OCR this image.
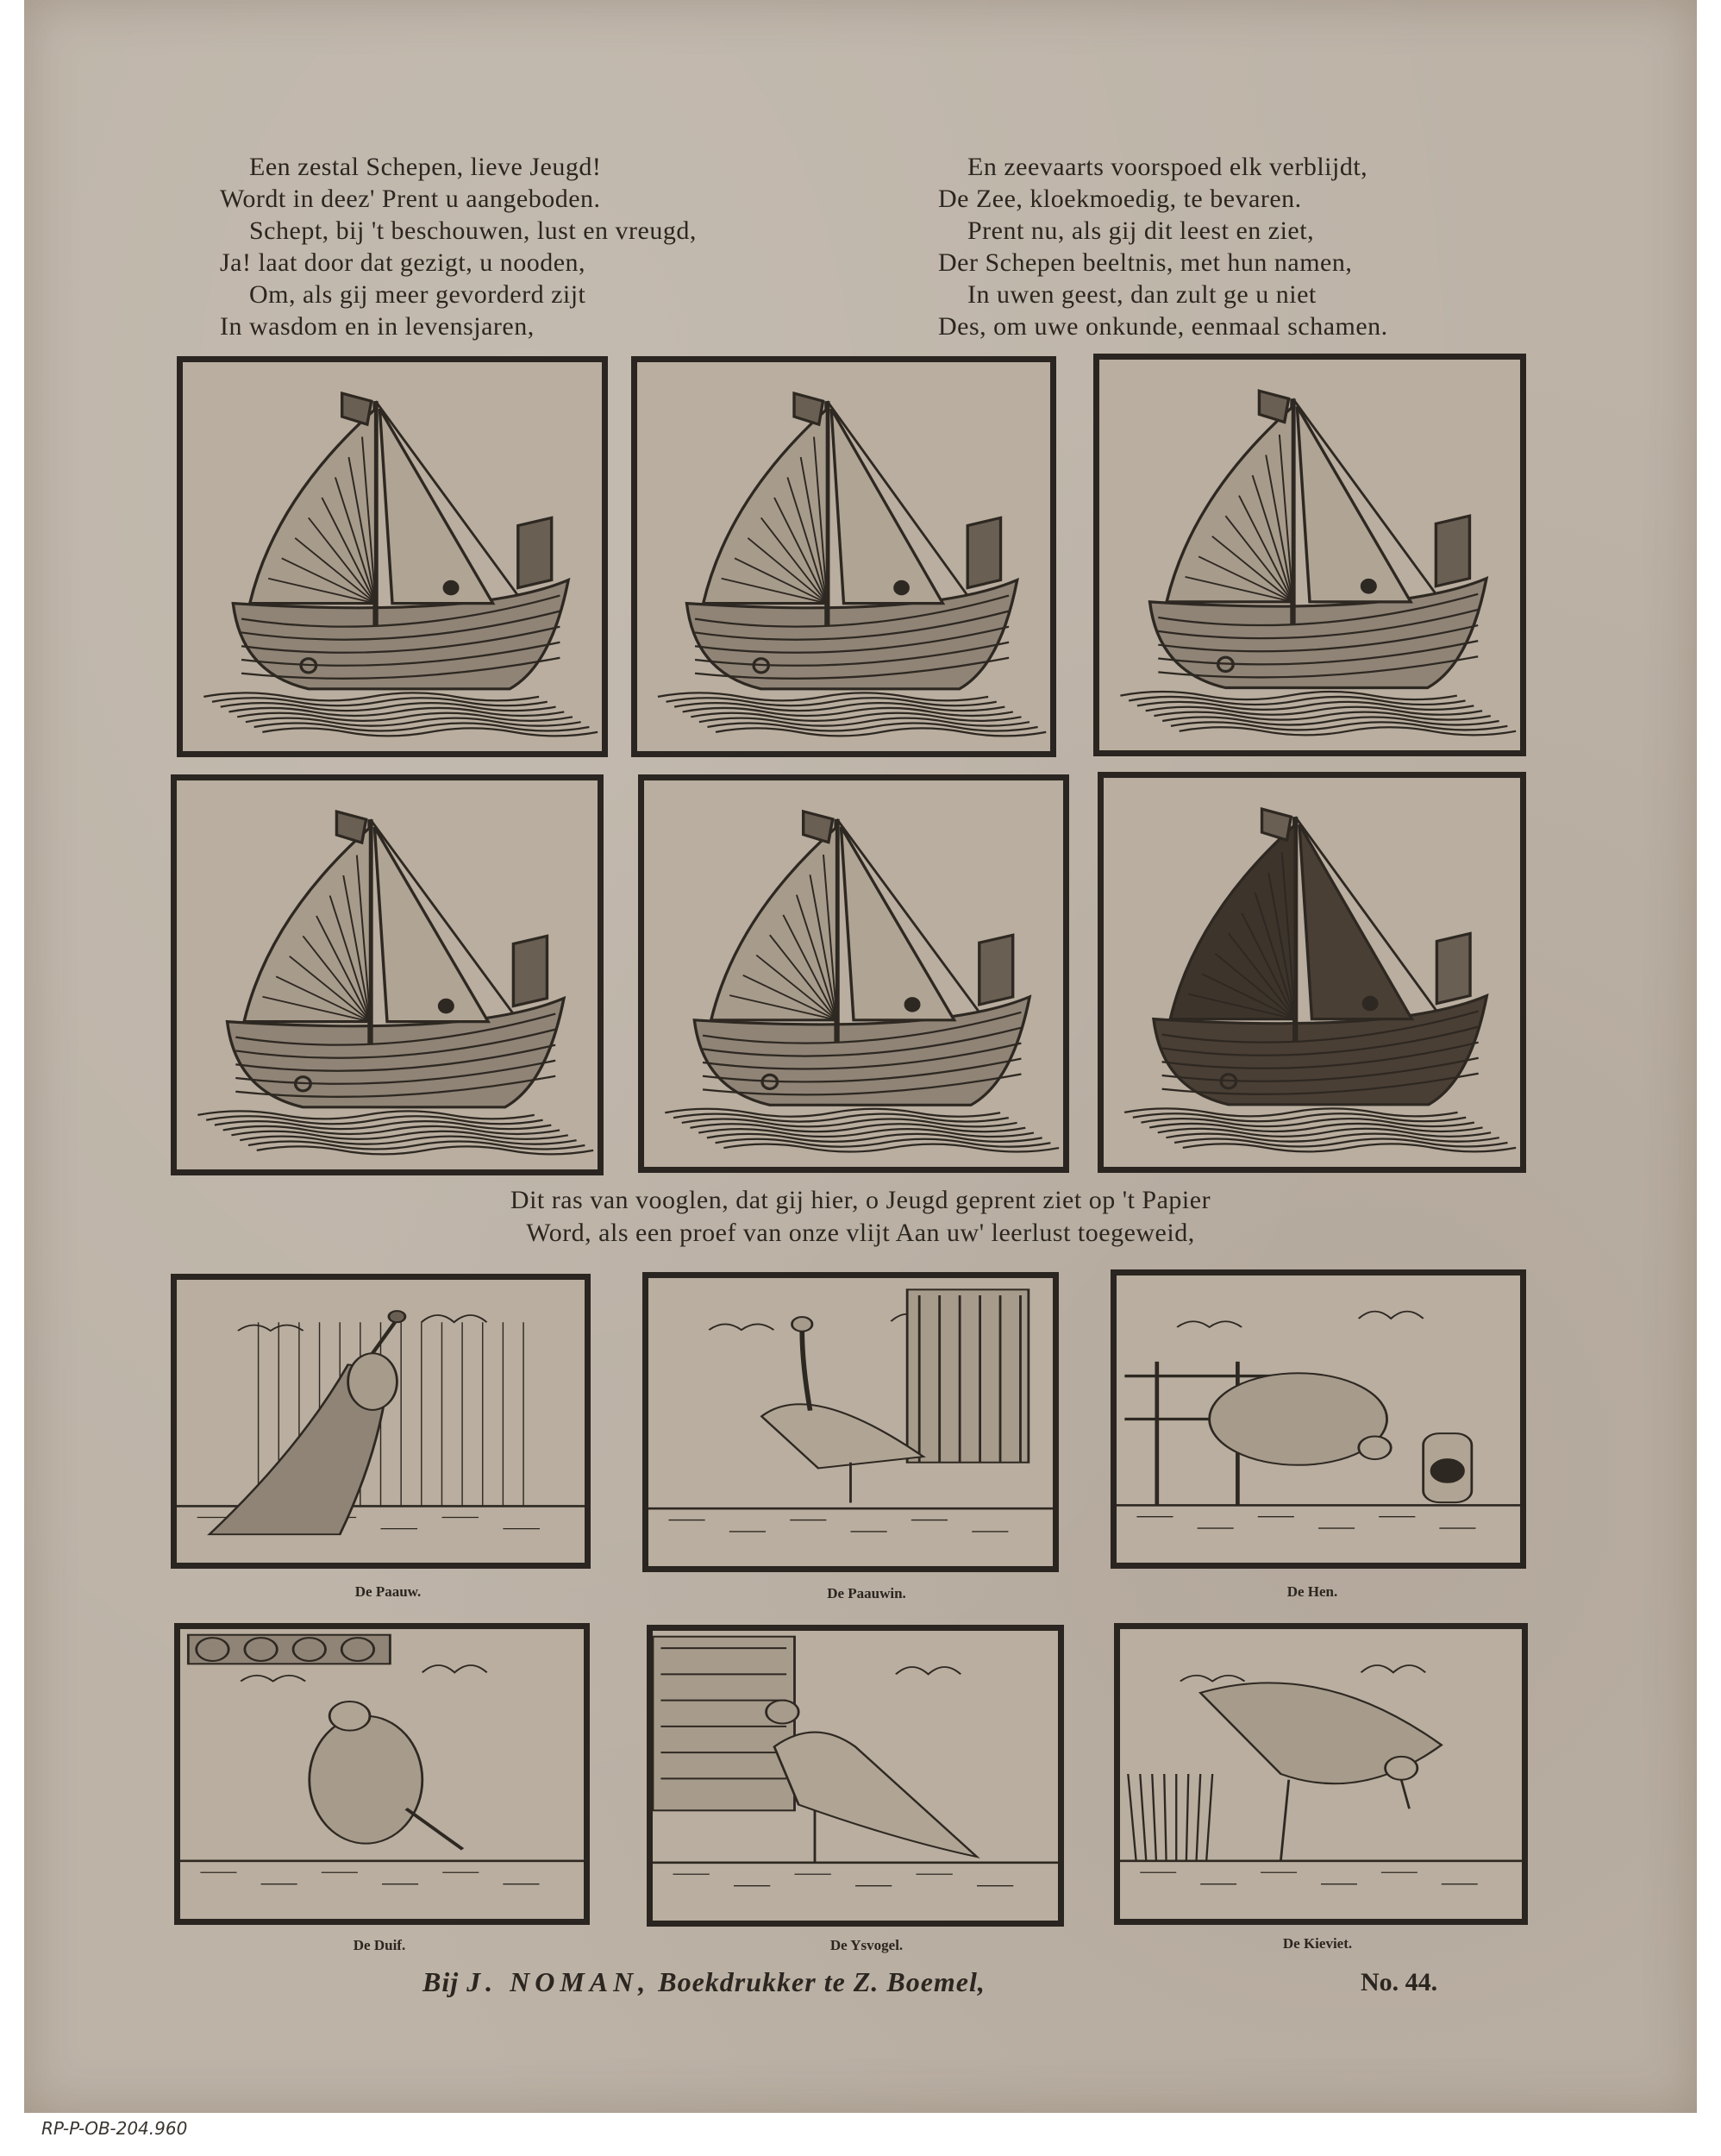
Een zestal Schepen, lieve Jeugd!
Wordt in deez' Prent u aangeboden.
Schept, bij 't beschouwen, lust en vreugd,
Ja! laat door dat gezigt, u nooden,
Om, als gij meer gevorderd zijt
In wasdom en in levensjaren,
En zeevaarts voorspoed elk verblijdt,
De Zee, kloekmoedig, te bevaren.
Prent nu, als gij dit leest en ziet,
Der Schepen beeltnis, met hun namen,
In uwen geest, dan zult ge u niet
Des, om uwe onkunde, eenmaal schamen.
Dit ras van vooglen, dat gij hier, o Jeugd geprent ziet op 't Papier
Word, als een proef van onze vlijt Aan uw' leerlust toegeweid,
De Paauw.	De Paauwin.	De Hen.
De Duif.	De Ysvogel.	De Kieviet.
Bij J. NOMAN, Boekdrukker te Z. Boemel,	No. 44.
RP-P-OB-204.960
